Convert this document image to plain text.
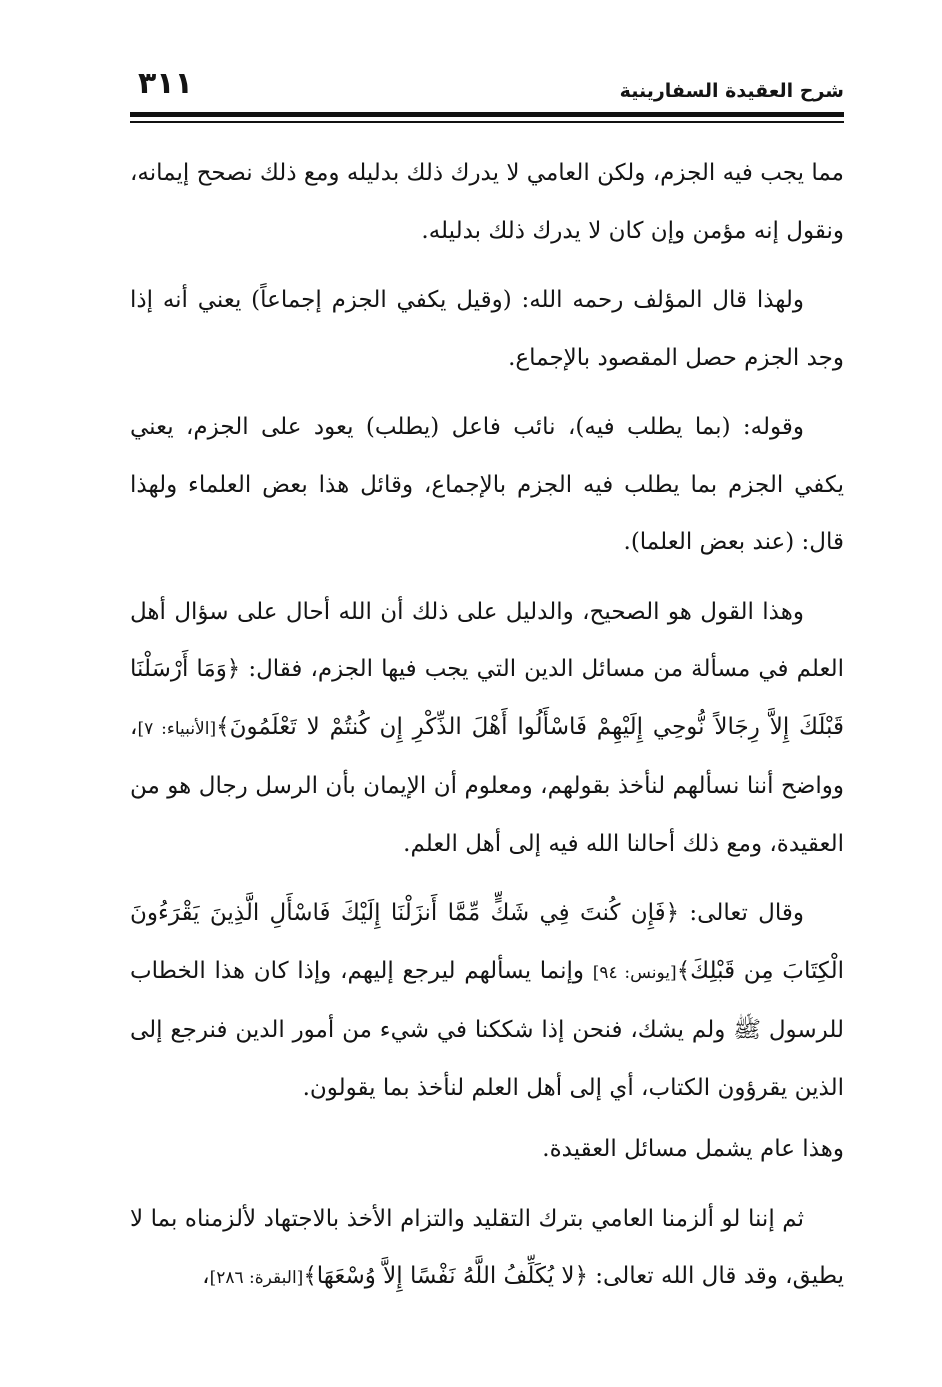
٣١١	شرح العقيدة السفارينية

مما يجب فيه الجزم، ولكن العامي لا يدرك ذلك بدليله ومع ذلك نصحح إيمانه، ونقول إنه مؤمن وإن كان لا يدرك ذلك بدليله.

ولهذا قال المؤلف رحمه الله: (وقيل يكفي الجزم إجماعاً) يعني أنه إذا وجد الجزم حصل المقصود بالإجماع.

وقوله: (بما يطلب فيه)، نائب فاعل (يطلب) يعود على الجزم، يعني يكفي الجزم بما يطلب فيه الجزم بالإجماع، وقائل هذا بعض العلماء ولهذا قال: (عند بعض العلما).

وهذا القول هو الصحيح، والدليل على ذلك أن الله أحال على سؤال أهل العلم في مسألة من مسائل الدين التي يجب فيها الجزم، فقال: ﴿وَمَا أَرْسَلْنَا قَبْلَكَ إِلاَّ رِجَالاً نُّوحِي إِلَيْهِمْ فَاسْأَلُوا أَهْلَ الذِّكْرِ إِن كُنتُمْ لا تَعْلَمُونَ﴾[الأنبياء: ٧]، وواضح أننا نسألهم لنأخذ بقولهم، ومعلوم أن الإيمان بأن الرسل رجال هو من العقيدة، ومع ذلك أحالنا الله فيه إلى أهل العلم.

وقال تعالى: ﴿فَإِن كُنتَ فِي شَكٍّ مِّمَّا أَنزَلْنَا إِلَيْكَ فَاسْأَلِ الَّذِينَ يَقْرَءُونَ الْكِتَابَ مِن قَبْلِكَ﴾[يونس: ٩٤] وإنما يسألهم ليرجع إليهم، وإذا كان هذا الخطاب للرسول ﷺ ولم يشك، فنحن إذا شككنا في شيء من أمور الدين فنرجع إلى الذين يقرؤون الكتاب، أي إلى أهل العلم لنأخذ بما يقولون.

وهذا عام يشمل مسائل العقيدة.

ثم إننا لو ألزمنا العامي بترك التقليد والتزام الأخذ بالاجتهاد لألزمناه بما لا يطيق، وقد قال الله تعالى: ﴿لا يُكَلِّفُ اللَّهُ نَفْسًا إِلاَّ وُسْعَهَا﴾[البقرة: ٢٨٦]،
